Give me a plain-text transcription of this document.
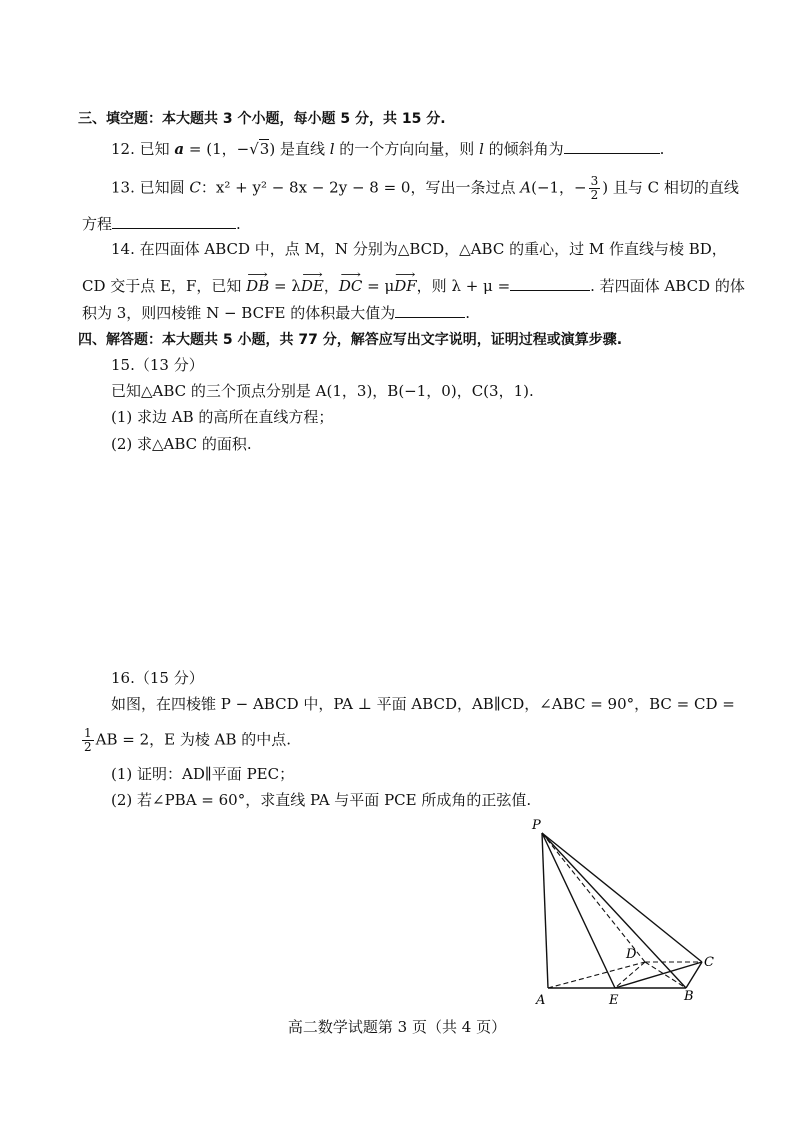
三、填空题：本大题共 3 个小题，每小题 5 分，共 15 分.
12. 已知 a = (1，−√3) 是直线 l 的一个方向向量，则 l 的倾斜角为	.
13. 已知圆 C：x² + y² − 8x − 2y − 8 = 0，写出一条过点 A(−1，− $\frac{3}{2}$ ) 且与 C 相切的直线
方程	.
14. 在四面体 ABCD 中，点 M，N 分别为△BCD，△ABC 的重心，过 M 作直线与棱 BD，
CD 交于点 E，F，已知 ⟶ DB = λ⟶ DE，⟶ DC = μ⟶ DF，则 λ + μ =	. 若四面体 ABCD 的体
积为 3，则四棱锥 N − BCFE 的体积最大值为	.
四、解答题：本大题共 5 小题，共 77 分，解答应写出文字说明，证明过程或演算步骤.
15.（13 分）
已知△ABC 的三个顶点分别是 A(1，3)，B(−1，0)，C(3，1).
(1) 求边 AB 的高所在直线方程；
(2) 求△ABC 的面积.
16.（15 分）
如图，在四棱锥 P − ABCD 中，PA ⊥ 平面 ABCD，AB∥CD，∠ABC = 90°，BC = CD =
$\frac{1}{2}$ AB = 2，E 为棱 AB 的中点.
(1) 证明：AD∥平面 PEC；
(2) 若∠PBA = 60°，求直线 PA 与平面 PCE 所成角的正弦值.
P
A	E	B
C
D
高二数学试题第 3 页（共 4 页）
